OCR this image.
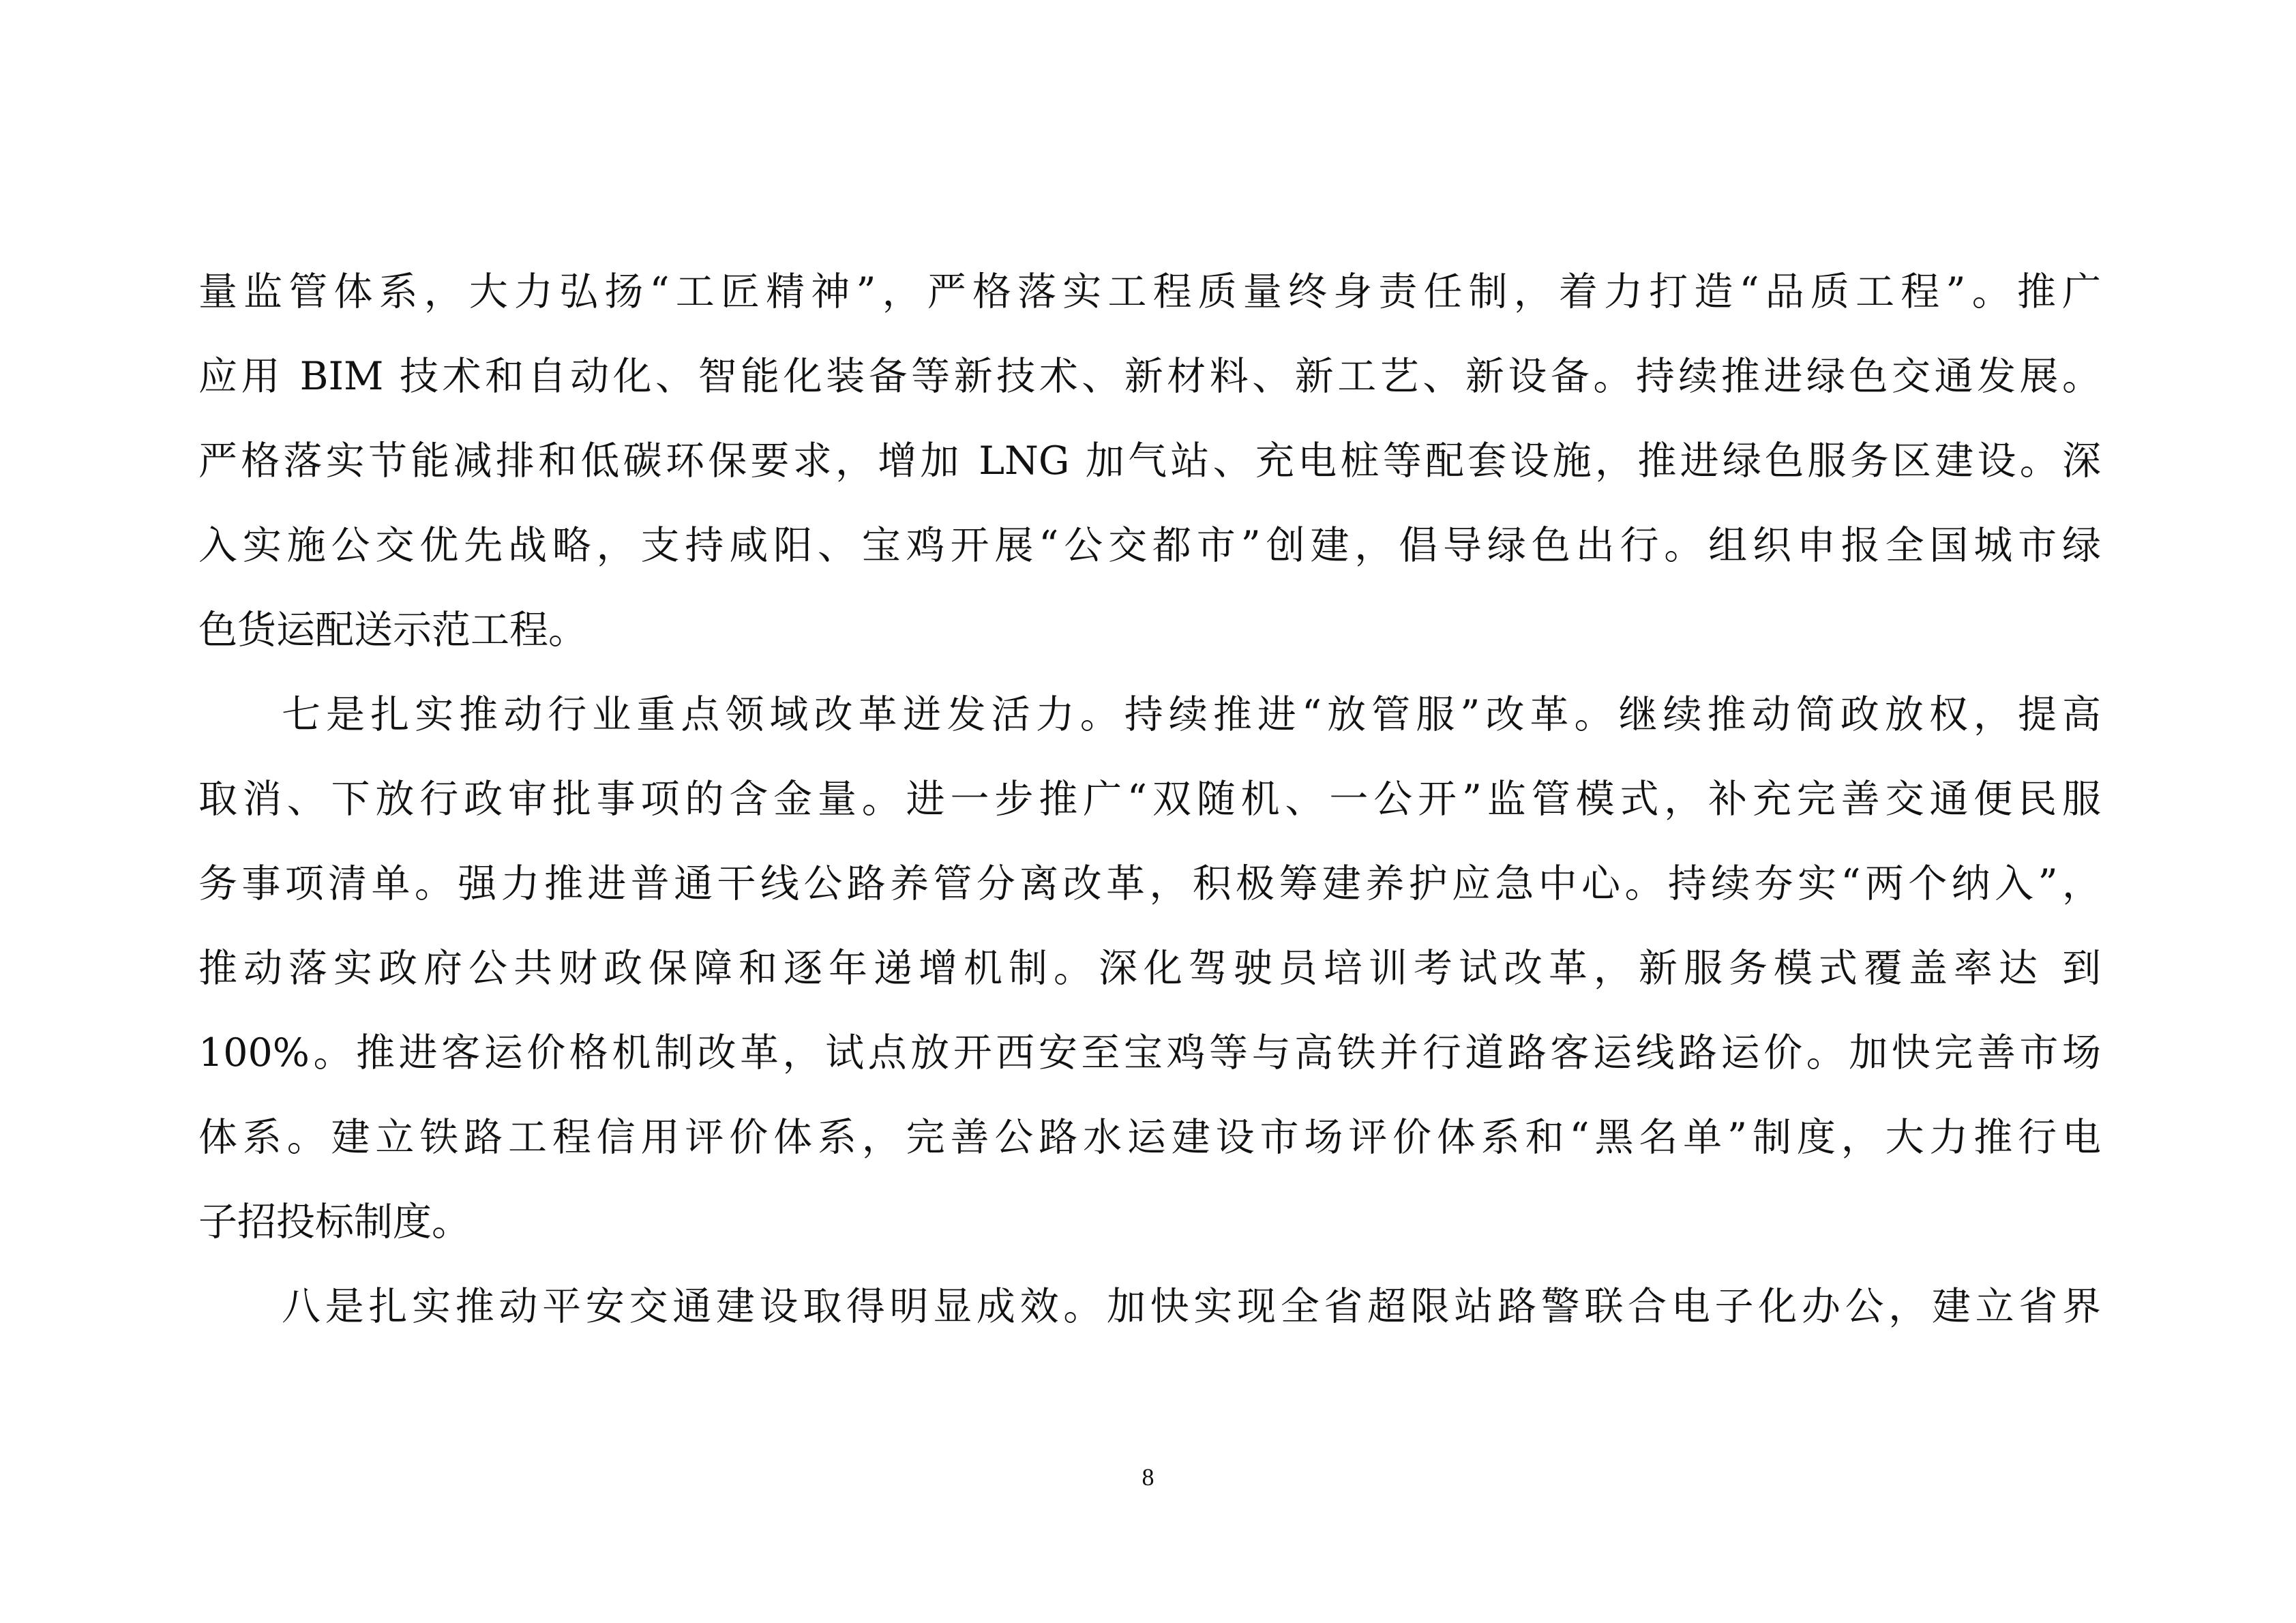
量监管体系，大力弘扬“工匠精神”，严格落实工程质量终身责任制，着力打造“品质工程”。推广
应用 BIM 技术和自动化、智能化装备等新技术、新材料、新工艺、新设备。持续推进绿色交通发展。
严格落实节能减排和低碳环保要求，增加 LNG 加气站、充电桩等配套设施，推进绿色服务区建设。深
入实施公交优先战略，支持咸阳、宝鸡开展“公交都市”创建，倡导绿色出行。组织申报全国城市绿
色货运配送示范工程。
七是扎实推动行业重点领域改革迸发活力。持续推进“放管服”改革。继续推动简政放权，提高
取消、下放行政审批事项的含金量。进一步推广“双随机、一公开”监管模式，补充完善交通便民服
务事项清单。强力推进普通干线公路养管分离改革，积极筹建养护应急中心。持续夯实“两个纳入”，
推动落实政府公共财政保障和逐年递增机制。深化驾驶员培训考试改革，新服务模式覆盖率达 到
100%。推进客运价格机制改革，试点放开西安至宝鸡等与高铁并行道路客运线路运价。加快完善市场
体系。建立铁路工程信用评价体系，完善公路水运建设市场评价体系和“黑名单”制度，大力推行电
子招投标制度。
八是扎实推动平安交通建设取得明显成效。加快实现全省超限站路警联合电子化办公，建立省界
8
